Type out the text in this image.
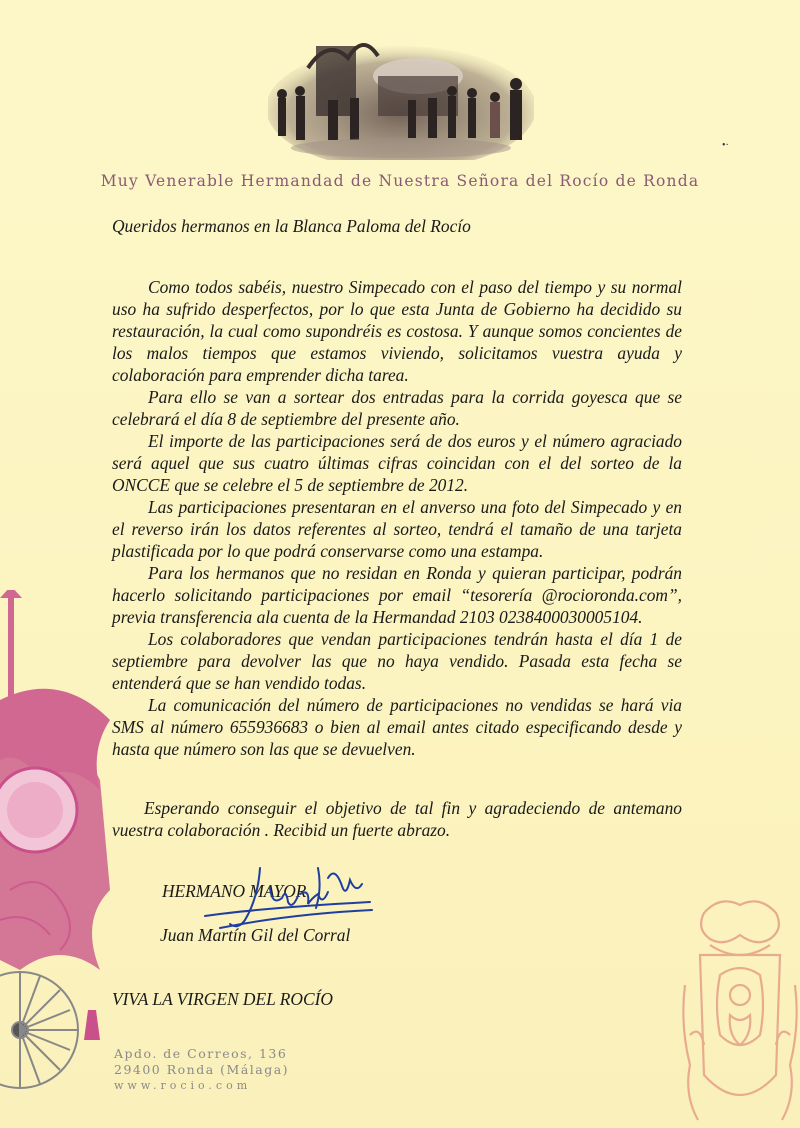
•·
Muy Venerable Hermandad de Nuestra Señora del Rocío de Ronda
Queridos hermanos en la Blanca Paloma del Rocío

Como todos sabéis, nuestro Simpecado con el paso del tiempo y su normal uso ha sufrido desperfectos, por lo que esta Junta de Gobierno ha decidido su restauración, la cual como supondréis es costosa. Y aunque somos concientes de los malos tiempos que estamos viviendo, solicitamos vuestra ayuda y colaboración para emprender dicha tarea.

Para ello se van a sortear dos entradas para la corrida goyesca que se celebrará el día 8 de septiembre del presente año.

El importe de las participaciones será de dos euros y el número agraciado será aquel que sus cuatro últimas cifras coincidan con el del sorteo de la ONCCE que se celebre el 5 de septiembre de 2012.

Las participaciones presentaran en el anverso una foto del Simpecado y en el reverso irán los datos referentes al sorteo, tendrá el tamaño de una tarjeta plastificada por lo que podrá conservarse como una estampa.

Para los hermanos que no residan en Ronda y quieran participar, podrán hacerlo solicitando participaciones por email “tesorería @rocioronda.com”, previa transferencia ala cuenta de la Hermandad 2103 0238400030005104.

Los colaboradores que vendan participaciones tendrán hasta el día 1 de septiembre para devolver las que no haya vendido. Pasada esta fecha se entenderá que se han vendido todas.

La comunicación del número de participaciones no vendidas se hará via SMS al número 655936683 o bien al email antes citado especificando desde y hasta que número son las que se devuelven.

Esperando conseguir el objetivo de tal fin y agradeciendo de antemano vuestra colaboración . Recibid un fuerte abrazo.

HERMANO MAYOR
Juan Martín Gil del Corral
VIVA LA VIRGEN DEL ROCÍO
Apdo. de Correos, 136
29400 Ronda (Málaga)
www.rocio.com
